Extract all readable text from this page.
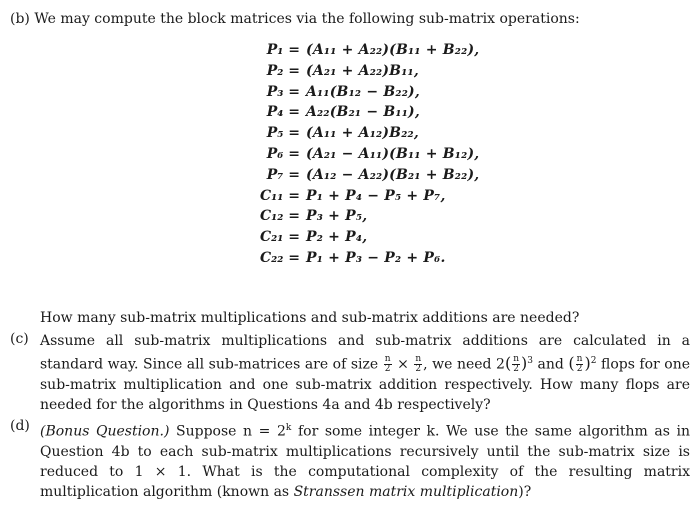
(b) We may compute the block matrices via the following sub-matrix operations:
P₁ = (A₁₁ + A₂₂)(B₁₁ + B₂₂),
P₂ = (A₂₁ + A₂₂)B₁₁,
P₃ = A₁₁(B₁₂ − B₂₂),
P₄ = A₂₂(B₂₁ − B₁₁),
P₅ = (A₁₁ + A₁₂)B₂₂,
P₆ = (A₂₁ − A₁₁)(B₁₁ + B₁₂),
P₇ = (A₁₂ − A₂₂)(B₂₁ + B₂₂),
C₁₁ = P₁ + P₄ − P₅ + P₇,
C₁₂ = P₃ + P₅,
C₂₁ = P₂ + P₄,
C₂₂ = P₁ + P₃ − P₂ + P₆.
How many sub-matrix multiplications and sub-matrix additions are needed?
(c) Assume all sub-matrix multiplications and sub-matrix additions are calculated in a standard way. Since all sub-matrices are of size $\frac{n}{2} \times \frac{n}{2}$ , we need $2( \frac{n}{2} )^3$ and ( $\frac{n}{2} )^2$ flops for one sub-matrix multiplication and one sub-matrix addition respectively. How many flops are needed for the algorithms in Questions 4a and 4b respectively?
(d) (Bonus Question.) Suppose $n = 2^k$ for some integer k. We use the same algorithm as in Question 4b to each sub-matrix multiplications recursively until the sub-matrix size is reduced to 1 × 1. What is the computational complexity of the resulting matrix multiplication algorithm (known as Stranssen matrix multiplication)?
